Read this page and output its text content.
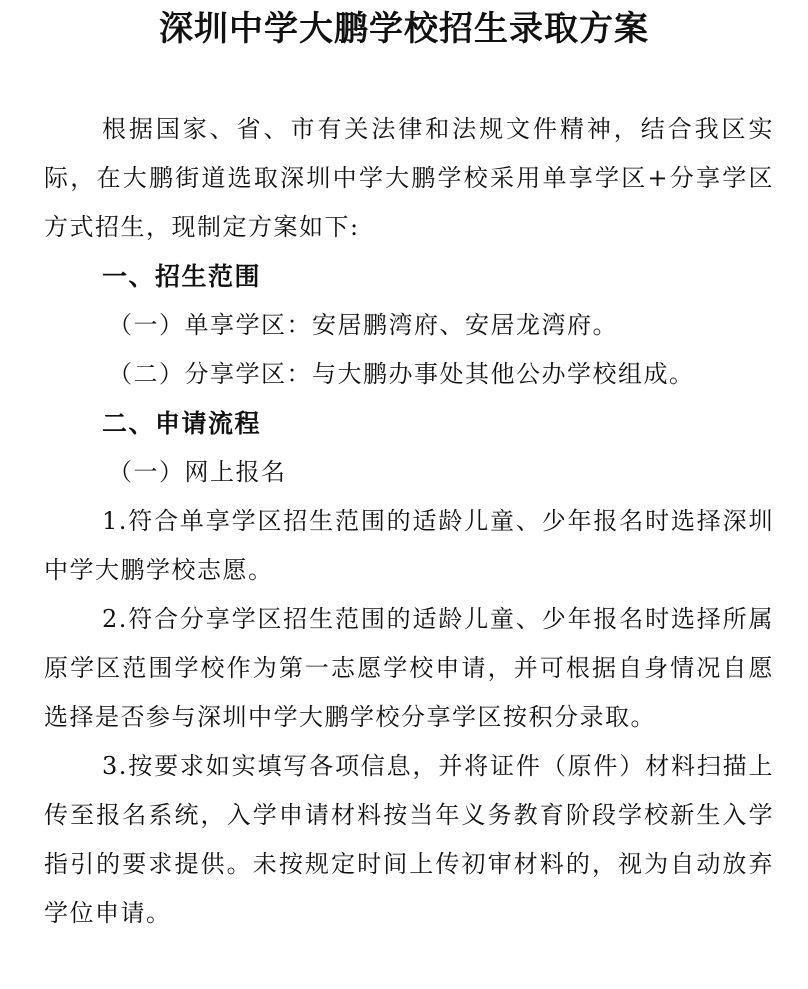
深圳中学大鹏学校招生录取方案

根据国家、省、市有关法律和法规文件精神，结合我区实际，在大鹏街道选取深圳中学大鹏学校采用单享学区+分享学区方式招生，现制定方案如下:

一、招生范围

（一）单享学区：安居鹏湾府、安居龙湾府。

（二）分享学区：与大鹏办事处其他公办学校组成。

二、申请流程

（一）网上报名

1.符合单享学区招生范围的适龄儿童、少年报名时选择深圳中学大鹏学校志愿。

2.符合分享学区招生范围的适龄儿童、少年报名时选择所属原学区范围学校作为第一志愿学校申请，并可根据自身情况自愿选择是否参与深圳中学大鹏学校分享学区按积分录取。

3.按要求如实填写各项信息，并将证件（原件）材料扫描上传至报名系统，入学申请材料按当年义务教育阶段学校新生入学指引的要求提供。未按规定时间上传初审材料的，视为自动放弃学位申请。
